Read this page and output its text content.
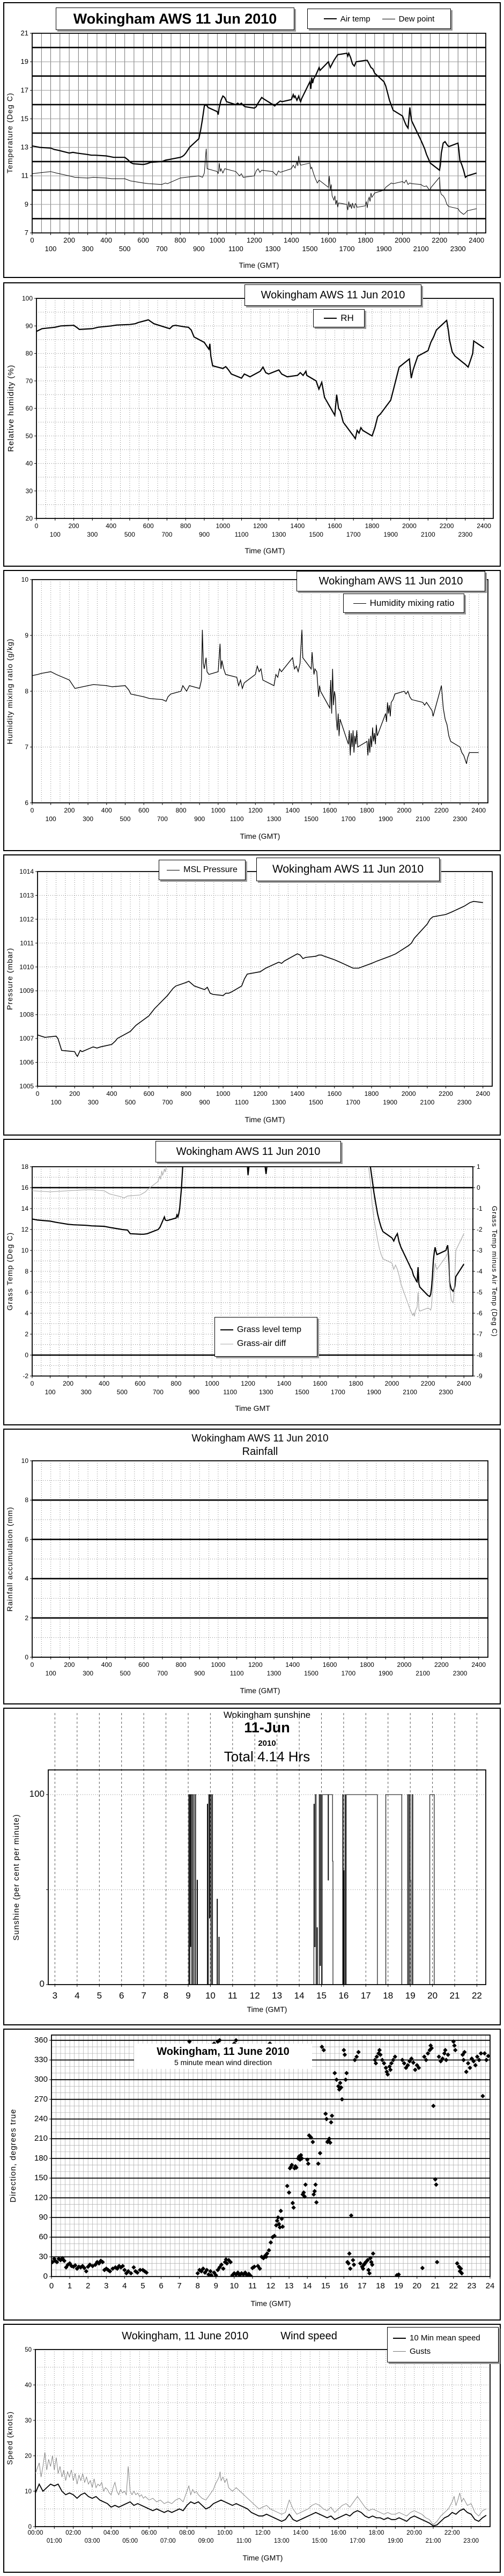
0	200	400	600	800	1000	1200	1400	1600	1800	2000	2200	2400
100	300	500	700	900	1100	1300	1500	1700	1900	2100	2300
7
9
11
13
15
17
19
21
Wokingham AWS 11 Jun 2010	Air temp	Dew point
Temperature (Deg C)
Time (GMT)
0	200	400	600	800	1000	1200	1400	1600	1800	2000	2200	2400
100	300	500	700	900	1100	1300	1500	1700	1900	2100	2300
20
30
40
50
60
70
80
90
100	Wokingham AWS 11 Jun 2010
RH
Relative humidity (%)
Time (GMT)
0	200	400	600	800	1000	1200	1400	1600	1800	2000	2200	2400
100	300	500	700	900	1100	1300	1500	1700	1900	2100	2300
6
7
8
9
10	Wokingham AWS 11 Jun 2010
Humidity mixing ratio
Humidity mixing ratio (g/kg)
Time (GMT)
0	200	400	600	800	1000	1200	1400	1600	1800	2000	2200	2400
100	300	500	700	900	1100	1300	1500	1700	1900	2100	2300
1005
1006
1007
1008
1009
1010
1011
1012
1013
1014	MSL Pressure	Wokingham AWS 11 Jun 2010
Pressure (mbar)
Time (GMT)
0	200	400	600	800	1000	1200	1400	1600	1800	2000	2200	2400
100	300	500	700	900	1100	1300	1500	1700	1900	2100	2300
-2
0
2
4
6
8
10
12
14
16
18
-9
-8
-7
-6
-5
-4
-3
-2
-1
0
1
Wokingham AWS 11 Jun 2010
Grass level temp
Grass-air diff
Grass Temp (Deg C)	Grass Temp minus Air Temp (Deg C)
Time GMT
0	200	400	600	800	1000	1200	1400	1600	1800	2000	2200	2400
100	300	500	700	900	1100	1300	1500	1700	1900	2100	2300
0
2
4
6
8
10
Wokingham AWS 11 Jun 2010
Rainfall
Rainfall accumulation (mm)
Time (GMT)
3 4 5 6 7 8 9 10 11 12 13 14 15 16 17 18 19 20 21 22
0
100
Wokingham sunshine
11-Jun
2010
Total 4.14 Hrs
Sunshine (per cent per minute)
Time (GMT)
0 1 2 3 4 5 6 7 8 9 10 11 12 13 14 15 16 17 18 19 20 21 22 23 24
0
30
60
90
120
150
180
210
240
270
300
330
360
Wokingham, 11 June 2010
5 minute mean wind direction
Direction, degrees true
Time (GMT)
00:00	02:00	04:00	06:00	08:00	10:00	12:00	14:00	16:00	18:00	20:00	22:00
01:00	03:00	05:00	07:00	09:00	11:00	13:00	15:00	17:00	19:00	21:00	23:00
0
10
20
30
40
50
Wokingham, 11 June 2010	Wind speed	10 Min mean speed
Gusts
Speed (knots)
Time (GMT)
